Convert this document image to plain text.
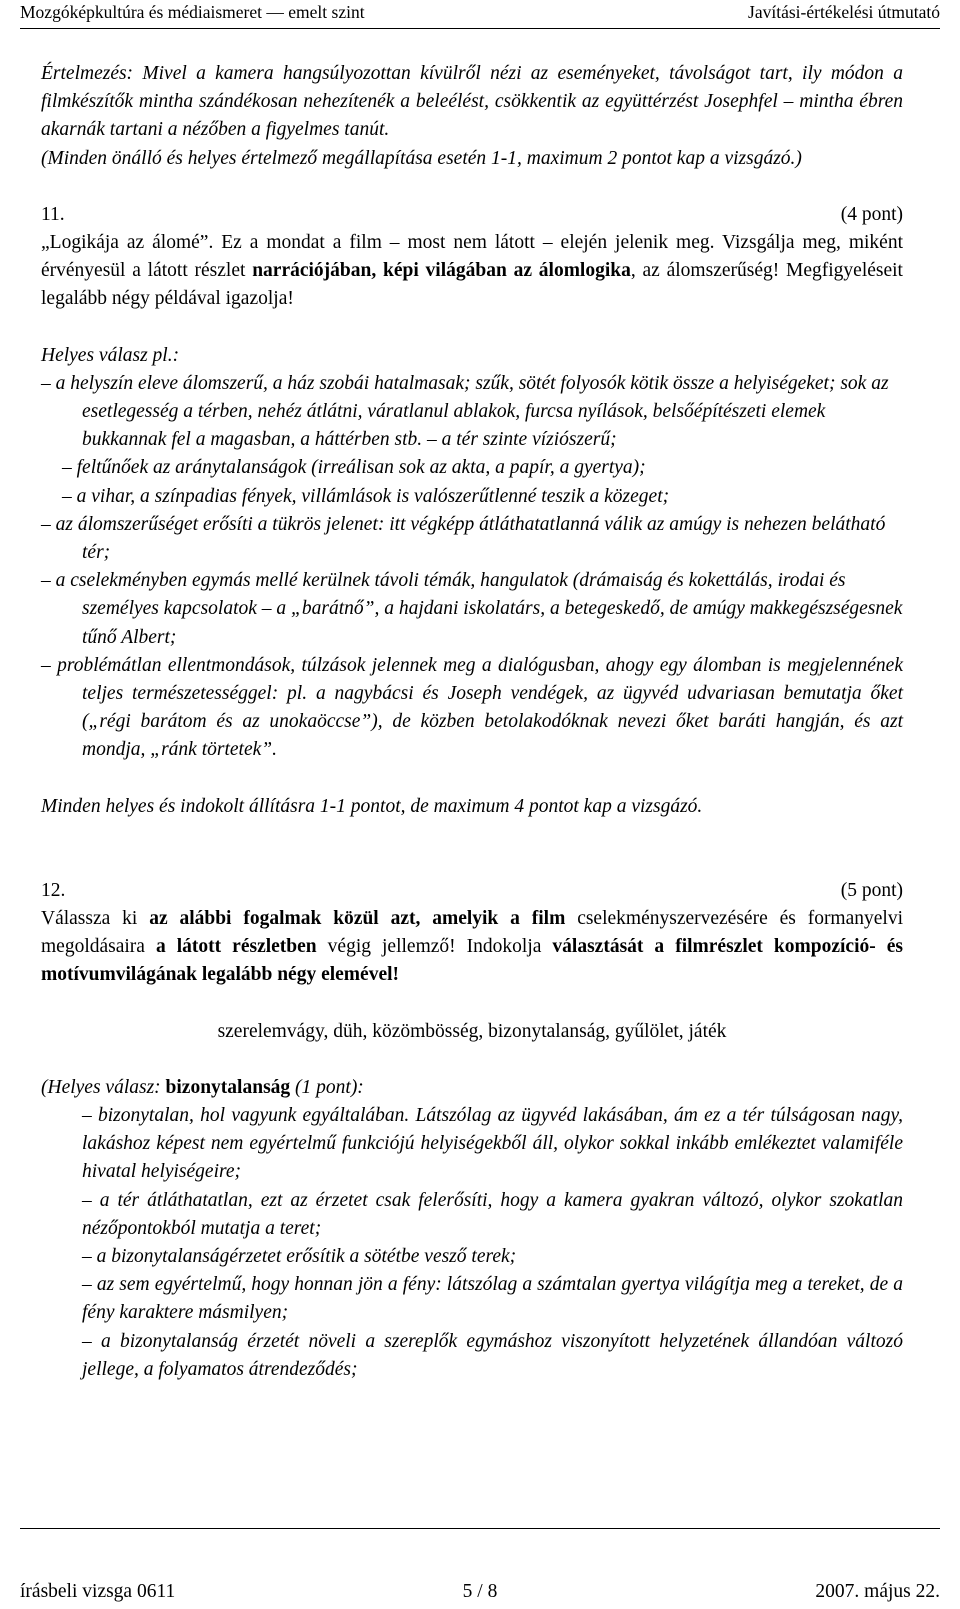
Mozgóképkultúra és médiaismeret — emelt szint	Javítási-értékelési útmutató

Értelmezés: Mivel a kamera hangsúlyozottan kívülről nézi az eseményeket, távolságot tart, ily módon a filmkészítők mintha szándékosan nehezítenék a beleélést, csökkentik az együttérzést Josephfel – mintha ébren akarnák tartani a nézőben a figyelmes tanút.

(Minden önálló és helyes értelmező megállapítása esetén 1-1, maximum 2 pontot kap a vizsgázó.)

11.	(4 pont)

„Logikája az álomé”. Ez a mondat a film – most nem látott – elején jelenik meg. Vizsgálja meg, miként érvényesül a látott részlet narrációjában, képi világában az álomlogika, az álomszerűség! Megfigyeléseit legalább négy példával igazolja!

Helyes válasz pl.:

– a helyszín eleve álomszerű, a ház szobái hatalmasak; szűk, sötét folyosók kötik össze a helyiségeket; sok az esetlegesség a térben, nehéz átlátni, váratlanul ablakok, furcsa nyílások, belsőépítészeti elemek bukkannak fel a magasban, a háttérben stb. – a tér szinte víziószerű;

– feltűnőek az aránytalanságok (irreálisan sok az akta, a papír, a gyertya);

– a vihar, a színpadias fények, villámlások is valószerűtlenné teszik a közeget;

– az álomszerűséget erősíti a tükrös jelenet: itt végképp átláthatatlanná válik az amúgy is nehezen belátható tér;

– a cselekményben egymás mellé kerülnek távoli témák, hangulatok (drámaiság és kokettálás, irodai és személyes kapcsolatok – a „barátnő”, a hajdani iskolatárs, a betegeskedő, de amúgy makkegészségesnek tűnő Albert;

– problémátlan ellentmondások, túlzások jelennek meg a dialógusban, ahogy egy álomban is megjelennének teljes természetességgel: pl. a nagybácsi és Joseph vendégek, az ügyvéd udvariasan bemutatja őket („régi barátom és az unokaöccse”), de közben betolakodóknak nevezi őket baráti hangján, és azt mondja, „ránk törtetek”.

Minden helyes és indokolt állításra 1-1 pontot, de maximum 4 pontot kap a vizsgázó.

12.	(5 pont)

Válassza ki az alábbi fogalmak közül azt, amelyik a film cselekményszervezésére és formanyelvi megoldásaira a látott részletben végig jellemző! Indokolja választását a filmrészlet kompozíció- és motívumvilágának legalább négy elemével!

szerelemvágy, düh, közömbösség, bizonytalanság, gyűlölet, játék

(Helyes válasz: bizonytalanság (1 pont):

– bizonytalan, hol vagyunk egyáltalában. Látszólag az ügyvéd lakásában, ám ez a tér túlságosan nagy, lakáshoz képest nem egyértelmű funkciójú helyiségekből áll, olykor sokkal inkább emlékeztet valamiféle hivatal helyiségeire;

– a tér átláthatatlan, ezt az érzetet csak felerősíti, hogy a kamera gyakran változó, olykor szokatlan nézőpontokból mutatja a teret;

– a bizonytalanságérzetet erősítik a sötétbe vesző terek;

– az sem egyértelmű, hogy honnan jön a fény: látszólag a számtalan gyertya világítja meg a tereket, de a fény karaktere másmilyen;

– a bizonytalanság érzetét növeli a szereplők egymáshoz viszonyított helyzetének állandóan változó jellege, a folyamatos átrendeződés;

írásbeli vizsga 0611	5 / 8	2007. május 22.
